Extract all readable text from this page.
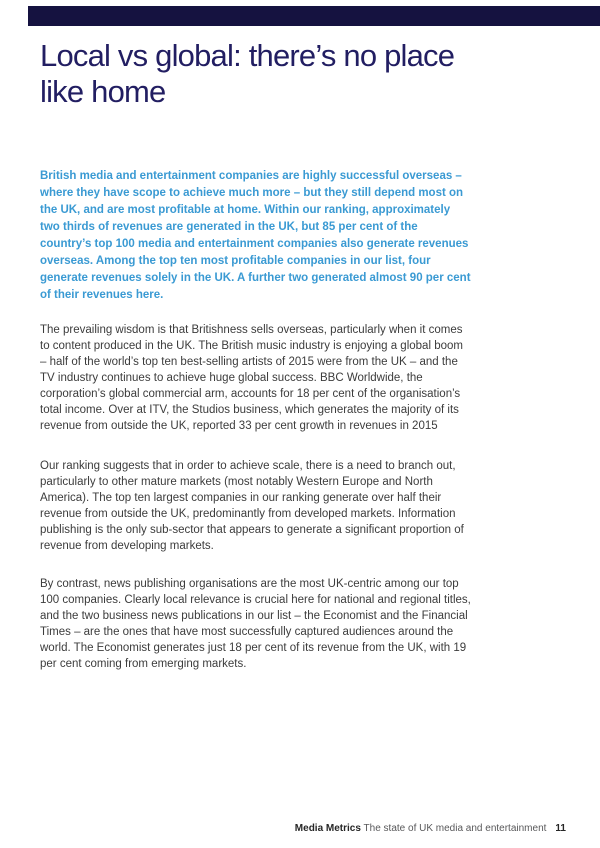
Local vs global: there’s no place
like home
British media and entertainment companies are highly successful overseas – where they have scope to achieve much more – but they still depend most on the UK, and are most profitable at home. Within our ranking, approximately two thirds of revenues are generated in the UK, but 85 per cent of the country’s top 100 media and entertainment companies also generate revenues overseas. Among the top ten most profitable companies in our list, four generate revenues solely in the UK. A further two generated almost 90 per cent of their revenues here.
The prevailing wisdom is that Britishness sells overseas, particularly when it comes to content produced in the UK. The British music industry is enjoying a global boom – half of the world’s top ten best-selling artists of 2015 were from the UK – and the TV industry continues to achieve huge global success. BBC Worldwide, the corporation’s global commercial arm, accounts for 18 per cent of the organisation’s total income. Over at ITV, the Studios business, which generates the majority of its revenue from outside the UK, reported 33 per cent growth in revenues in 2015
Our ranking suggests that in order to achieve scale, there is a need to branch out, particularly to other mature markets (most notably Western Europe and North America). The top ten largest companies in our ranking generate over half their revenue from outside the UK, predominantly from developed markets. Information publishing is the only sub-sector that appears to generate a significant proportion of revenue from developing markets.
By contrast, news publishing organisations are the most UK-centric among our top 100 companies. Clearly local relevance is crucial here for national and regional titles, and the two business news publications in our list – the Economist and the Financial Times – are the ones that have most successfully captured audiences around the world. The Economist generates just 18 per cent of its revenue from the UK, with 19 per cent coming from emerging markets.
Media Metrics The state of UK media and entertainment 11
